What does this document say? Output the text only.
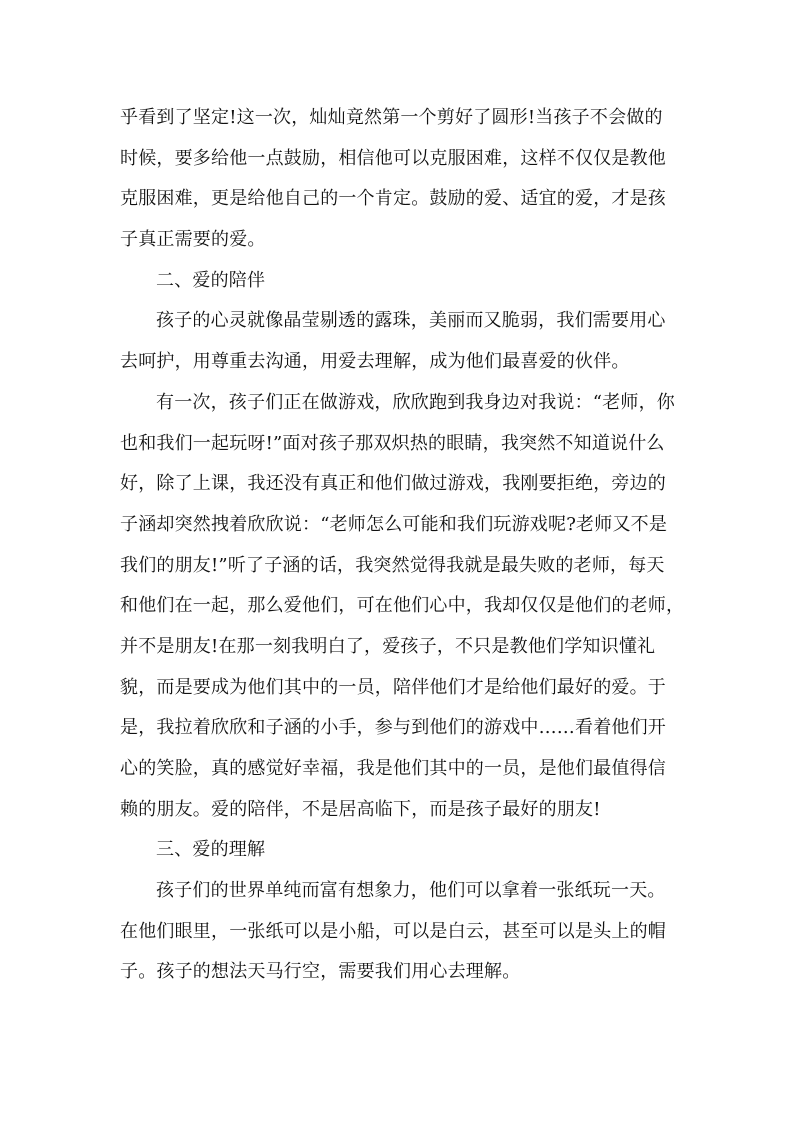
乎看到了坚定!这一次，灿灿竟然第一个剪好了圆形!当孩子不会做的
时候，要多给他一点鼓励，相信他可以克服困难，这样不仅仅是教他
克服困难，更是给他自己的一个肯定。鼓励的爱、适宜的爱，才是孩
子真正需要的爱。
二、爱的陪伴
孩子的心灵就像晶莹剔透的露珠，美丽而又脆弱，我们需要用心
去呵护，用尊重去沟通，用爱去理解，成为他们最喜爱的伙伴。
有一次，孩子们正在做游戏，欣欣跑到我身边对我说：“老师，你
也和我们一起玩呀!”面对孩子那双炽热的眼睛，我突然不知道说什么
好，除了上课，我还没有真正和他们做过游戏，我刚要拒绝，旁边的
子涵却突然拽着欣欣说：“老师怎么可能和我们玩游戏呢?老师又不是
我们的朋友!”听了子涵的话，我突然觉得我就是最失败的老师，每天
和他们在一起，那么爱他们，可在他们心中，我却仅仅是他们的老师，
并不是朋友!在那一刻我明白了，爱孩子，不只是教他们学知识懂礼
貌，而是要成为他们其中的一员，陪伴他们才是给他们最好的爱。于
是，我拉着欣欣和子涵的小手，参与到他们的游戏中……看着他们开
心的笑脸，真的感觉好幸福，我是他们其中的一员，是他们最值得信
赖的朋友。爱的陪伴，不是居高临下，而是孩子最好的朋友!
三、爱的理解
孩子们的世界单纯而富有想象力，他们可以拿着一张纸玩一天。
在他们眼里，一张纸可以是小船，可以是白云，甚至可以是头上的帽
子。孩子的想法天马行空，需要我们用心去理解。
